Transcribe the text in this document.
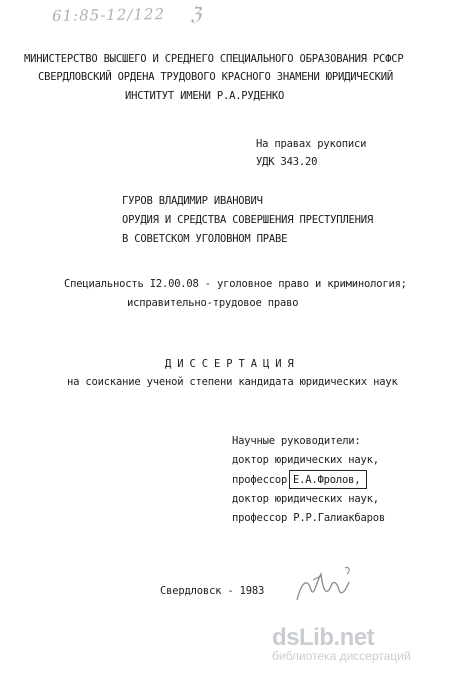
61:85-12/122 ℨ
МИНИСТЕРСТВО ВЫСШЕГО И СРЕДНЕГО СПЕЦИАЛЬНОГО ОБРАЗОВАНИЯ РСФСР
СВЕРДЛОВСКИЙ ОРДЕНА ТРУДОВОГО КРАСНОГО ЗНАМЕНИ ЮРИДИЧЕСКИЙ
ИНСТИТУТ ИМЕНИ Р.А.РУДЕНКО
На правах рукописи
УДК 343.20
ГУРОВ ВЛАДИМИР ИВАНОВИЧ
ОРУДИЯ И СРЕДСТВА СОВЕРШЕНИЯ ПРЕСТУПЛЕНИЯ
В СОВЕТСКОМ УГОЛОВНОМ ПРАВЕ
Специальность I2.00.08 - уголовное право и криминология;
исправительно-трудовое право
Д И С С Е Р Т А Ц И Я
на соискание ученой степени кандидата юридических наук
Научные руководители:
доктор юридических наук,
профессор Е.А.Фролов,
доктор юридических наук,
профессор Р.Р.Галиакбаров
Свердловск - 1983
dsLib.net
библиотека диссертаций
